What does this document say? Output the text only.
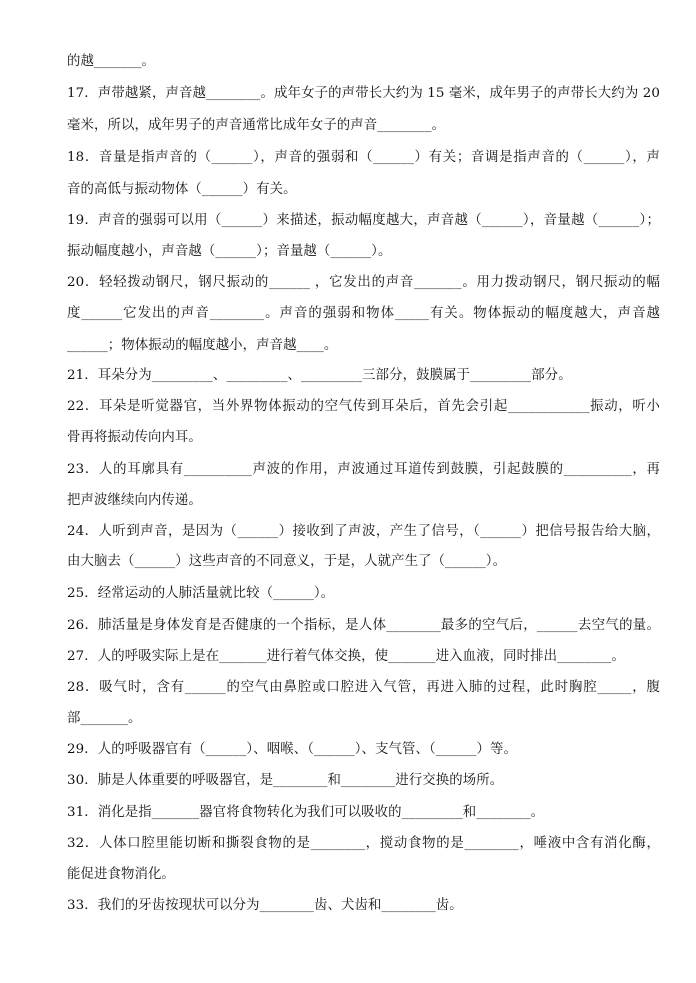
的越_______。
17．声带越紧，声音越________。成年女子的声带长大约为 15 毫米，成年男子的声带长大约为 20
毫米，所以，成年男子的声音通常比成年女子的声音________。
18．音量是指声音的（______），声音的强弱和（______）有关；音调是指声音的（______），声
音的高低与振动物体（______）有关。
19．声音的强弱可以用（______）来描述，振动幅度越大，声音越（______），音量越（______）；
振动幅度越小，声音越（______）；音量越（______）。
20．轻轻拨动钢尺，钢尺振动的______ ，它发出的声音_______。用力拨动钢尺，钢尺振动的幅
度______它发出的声音________。声音的强弱和物体_____有关。物体振动的幅度越大，声音越
______；物体振动的幅度越小，声音越____。
21．耳朵分为_________、_________、_________三部分，鼓膜属于_________部分。
22．耳朵是听觉器官，当外界物体振动的空气传到耳朵后，首先会引起____________振动，听小
骨再将振动传向内耳。
23．人的耳廓具有__________声波的作用，声波通过耳道传到鼓膜，引起鼓膜的__________，再
把声波继续向内传递。
24．人听到声音，是因为（______）接收到了声波，产生了信号，（______）把信号报告给大脑，
由大脑去（______）这些声音的不同意义，于是，人就产生了（______）。
25．经常运动的人肺活量就比较（______）。
26．肺活量是身体发育是否健康的一个指标，是人体________最多的空气后，______去空气的量。
27．人的呼吸实际上是在_______进行着气体交换，使_______进入血液，同时排出________。
28．吸气时，含有______的空气由鼻腔或口腔进入气管，再进入肺的过程，此时胸腔_____，腹
部_______。
29．人的呼吸器官有（______）、咽喉、（______）、支气管、（______）等。
30．肺是人体重要的呼吸器官，是________和________进行交换的场所。
31．消化是指_______器官将食物转化为我们可以吸收的_________和________。
32．人体口腔里能切断和撕裂食物的是________，搅动食物的是________，唾液中含有消化酶，
能促进食物消化。
33．我们的牙齿按现状可以分为________齿、犬齿和________齿。
